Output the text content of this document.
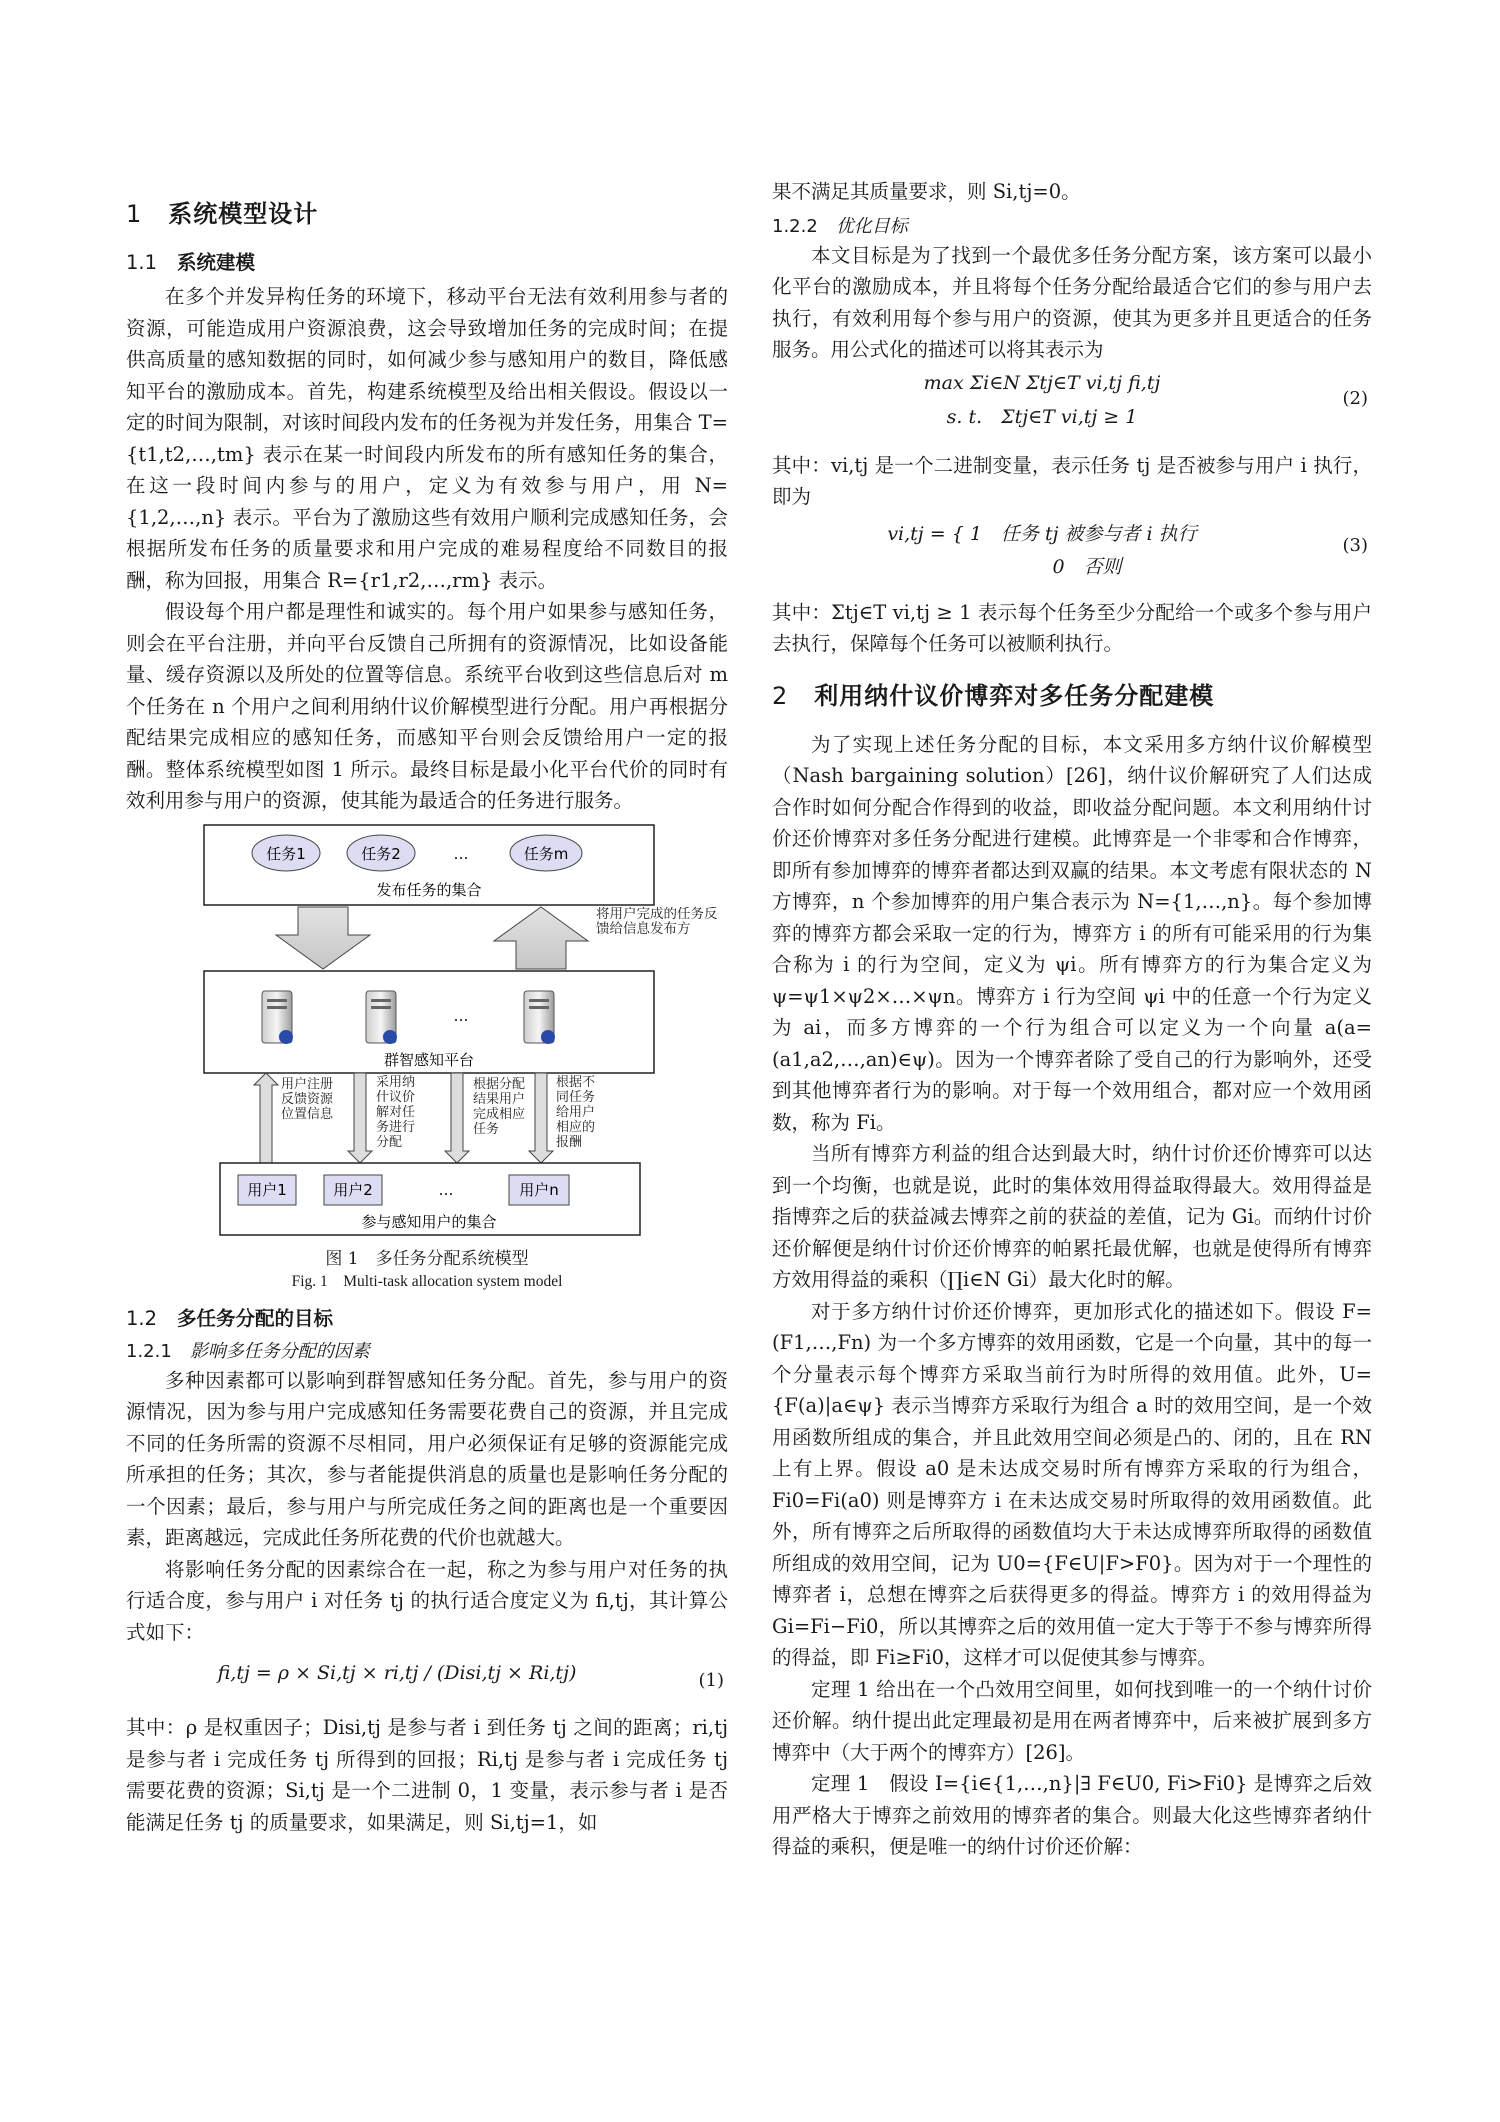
1 系统模型设计
1.1 系统建模

在多个并发异构任务的环境下，移动平台无法有效利用参与者的资源，可能造成用户资源浪费，这会导致增加任务的完成时间；在提供高质量的感知数据的同时，如何减少参与感知用户的数目，降低感知平台的激励成本。首先，构建系统模型及给出相关假设。假设以一定的时间为限制，对该时间段内发布的任务视为并发任务，用集合 T={t1,t2,…,tm} 表示在某一时间段内所发布的所有感知任务的集合，在这一段时间内参与的用户，定义为有效参与用户，用 N={1,2,…,n} 表示。平台为了激励这些有效用户顺利完成感知任务，会根据所发布任务的质量要求和用户完成的难易程度给不同数目的报酬，称为回报，用集合 R={r1,r2,…,rm} 表示。

假设每个用户都是理性和诚实的。每个用户如果参与感知任务，则会在平台注册，并向平台反馈自己所拥有的资源情况，比如设备能量、缓存资源以及所处的位置等信息。系统平台收到这些信息后对 m 个任务在 n 个用户之间利用纳什议价解模型进行分配。用户再根据分配结果完成相应的感知任务，而感知平台则会反馈给用户一定的报酬。整体系统模型如图 1 所示。最终目标是最小化平台代价的同时有效利用参与用户的资源，使其能为最适合的任务进行服务。

任务1	任务2	…	任务m
发布任务的集合
将用户完成的任务反馈给信息发布方
…
群智感知平台
用户注册反馈资源位置信息
采用纳什议价解对任务进行分配
根据分配结果用户完成相应任务
根据不同任务给用户相应的报酬
用户1	用户2	…	用户n
参与感知用户的集合
图 1　多任务分配系统模型
Fig. 1　Multi-task allocation system model
1.2 多任务分配的目标
1.2.1 影响多任务分配的因素

多种因素都可以影响到群智感知任务分配。首先，参与用户的资源情况，因为参与用户完成感知任务需要花费自己的资源，并且完成不同的任务所需的资源不尽相同，用户必须保证有足够的资源能完成所承担的任务；其次，参与者能提供消息的质量也是影响任务分配的一个因素；最后，参与用户与所完成任务之间的距离也是一个重要因素，距离越远，完成此任务所花费的代价也就越大。

将影响任务分配的因素综合在一起，称之为参与用户对任务的执行适合度，参与用户 i 对任务 tj 的执行适合度定义为 fi,tj，其计算公式如下：

fi,tj = ρ × Si,tj × ri,tj / (Disi,tj × Ri,tj)	(1)

其中：ρ 是权重因子；Disi,tj 是参与者 i 到任务 tj 之间的距离；ri,tj 是参与者 i 完成任务 tj 所得到的回报；Ri,tj 是参与者 i 完成任务 tj 需要花费的资源；Si,tj 是一个二进制 0，1 变量，表示参与者 i 是否能满足任务 tj 的质量要求，如果满足，则 Si,tj=1，如

果不满足其质量要求，则 Si,tj=0。

1.2.2 优化目标

本文目标是为了找到一个最优多任务分配方案，该方案可以最小化平台的激励成本，并且将每个任务分配给最适合它们的参与用户去执行，有效利用每个参与用户的资源，使其为更多并且更适合的任务服务。用公式化的描述可以将其表示为

max Σi∈N Σtj∈T vi,tj fi,tj
s. t.　Σtj∈T vi,tj ≥ 1
(2)

其中：vi,tj 是一个二进制变量，表示任务 tj 是否被参与用户 i 执行，即为

vi,tj = { 1　任务 tj 被参与者 i 执行
0　否则
(3)

其中：Σtj∈T vi,tj ≥ 1 表示每个任务至少分配给一个或多个参与用户去执行，保障每个任务可以被顺利执行。

2 利用纳什议价博弈对多任务分配建模

为了实现上述任务分配的目标，本文采用多方纳什议价解模型（Nash bargaining solution）[26]，纳什议价解研究了人们达成合作时如何分配合作得到的收益，即收益分配问题。本文利用纳什讨价还价博弈对多任务分配进行建模。此博弈是一个非零和合作博弈，即所有参加博弈的博弈者都达到双赢的结果。本文考虑有限状态的 N 方博弈，n 个参加博弈的用户集合表示为 N={1,…,n}。每个参加博弈的博弈方都会采取一定的行为，博弈方 i 的所有可能采用的行为集合称为 i 的行为空间，定义为 ψi。所有博弈方的行为集合定义为 ψ=ψ1×ψ2×…×ψn。博弈方 i 行为空间 ψi 中的任意一个行为定义为 ai，而多方博弈的一个行为组合可以定义为一个向量 a(a=(a1,a2,…,an)∈ψ)。因为一个博弈者除了受自己的行为影响外，还受到其他博弈者行为的影响。对于每一个效用组合，都对应一个效用函数，称为 Fi。

当所有博弈方利益的组合达到最大时，纳什讨价还价博弈可以达到一个均衡，也就是说，此时的集体效用得益取得最大。效用得益是指博弈之后的获益减去博弈之前的获益的差值，记为 Gi。而纳什讨价还价解便是纳什讨价还价博弈的帕累托最优解，也就是使得所有博弈方效用得益的乘积（∏i∈N Gi）最大化时的解。

对于多方纳什讨价还价博弈，更加形式化的描述如下。假设 F=(F1,…,Fn) 为一个多方博弈的效用函数，它是一个向量，其中的每一个分量表示每个博弈方采取当前行为时所得的效用值。此外，U={F(a)|a∈ψ} 表示当博弈方采取行为组合 a 时的效用空间，是一个效用函数所组成的集合，并且此效用空间必须是凸的、闭的，且在 RN 上有上界。假设 a0 是未达成交易时所有博弈方采取的行为组合，Fi0=Fi(a0) 则是博弈方 i 在未达成交易时所取得的效用函数值。此外，所有博弈之后所取得的函数值均大于未达成博弈所取得的函数值所组成的效用空间，记为 U0={F∈U|F>F0}。因为对于一个理性的博弈者 i，总想在博弈之后获得更多的得益。博弈方 i 的效用得益为 Gi=Fi−Fi0，所以其博弈之后的效用值一定大于等于不参与博弈所得的得益，即 Fi≥Fi0，这样才可以促使其参与博弈。

定理 1 给出在一个凸效用空间里，如何找到唯一的一个纳什讨价还价解。纳什提出此定理最初是用在两者博弈中，后来被扩展到多方博弈中（大于两个的博弈方）[26]。

定理 1　假设 I={i∈{1,…,n}|∃ F∈U0, Fi>Fi0} 是博弈之后效用严格大于博弈之前效用的博弈者的集合。则最大化这些博弈者纳什得益的乘积，便是唯一的纳什讨价还价解：
